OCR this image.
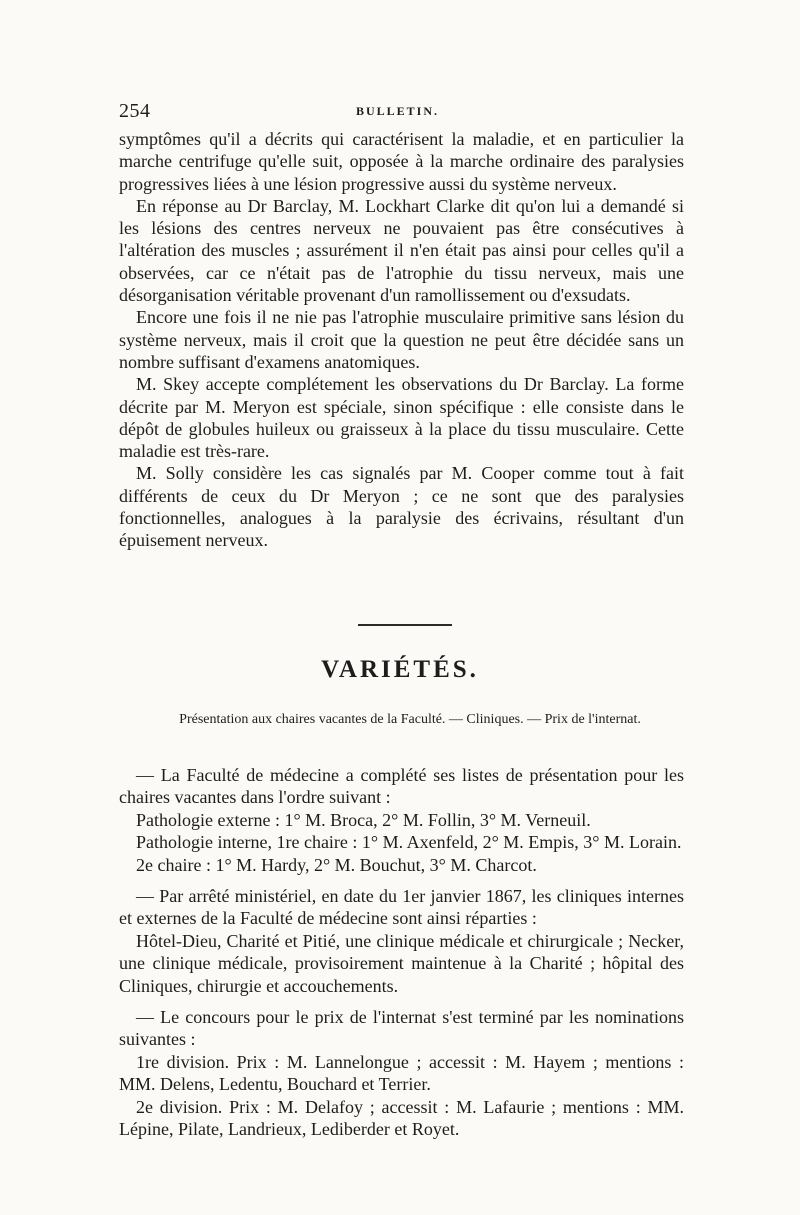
254	BULLETIN.

symptômes qu'il a décrits qui caractérisent la maladie, et en particulier la marche centrifuge qu'elle suit, opposée à la marche ordinaire des paralysies progressives liées à une lésion progressive aussi du système nerveux.

En réponse au Dr Barclay, M. Lockhart Clarke dit qu'on lui a demandé si les lésions des centres nerveux ne pouvaient pas être consécutives à l'altération des muscles ; assurément il n'en était pas ainsi pour celles qu'il a observées, car ce n'était pas de l'atrophie du tissu nerveux, mais une désorganisation véritable provenant d'un ramollissement ou d'exsudats.

Encore une fois il ne nie pas l'atrophie musculaire primitive sans lésion du système nerveux, mais il croit que la question ne peut être décidée sans un nombre suffisant d'examens anatomiques.

M. Skey accepte complétement les observations du Dr Barclay. La forme décrite par M. Meryon est spéciale, sinon spécifique : elle consiste dans le dépôt de globules huileux ou graisseux à la place du tissu musculaire. Cette maladie est très-rare.

M. Solly considère les cas signalés par M. Cooper comme tout à fait différents de ceux du Dr Meryon ; ce ne sont que des paralysies fonctionnelles, analogues à la paralysie des écrivains, résultant d'un épuisement nerveux.

VARIÉTÉS.
Présentation aux chaires vacantes de la Faculté. — Cliniques. — Prix de l'internat.

— La Faculté de médecine a complété ses listes de présentation pour les chaires vacantes dans l'ordre suivant :

Pathologie externe : 1° M. Broca, 2° M. Follin, 3° M. Verneuil.

Pathologie interne, 1re chaire : 1° M. Axenfeld, 2° M. Empis, 3° M. Lorain.

2e chaire : 1° M. Hardy, 2° M. Bouchut, 3° M. Charcot.

— Par arrêté ministériel, en date du 1er janvier 1867, les cliniques internes et externes de la Faculté de médecine sont ainsi réparties :

Hôtel-Dieu, Charité et Pitié, une clinique médicale et chirurgicale ; Necker, une clinique médicale, provisoirement maintenue à la Charité ; hôpital des Cliniques, chirurgie et accouchements.

— Le concours pour le prix de l'internat s'est terminé par les nominations suivantes :

1re division. Prix : M. Lannelongue ; accessit : M. Hayem ; mentions : MM. Delens, Ledentu, Bouchard et Terrier.

2e division. Prix : M. Delafoy ; accessit : M. Lafaurie ; mentions : MM. Lépine, Pilate, Landrieux, Lediberder et Royet.
